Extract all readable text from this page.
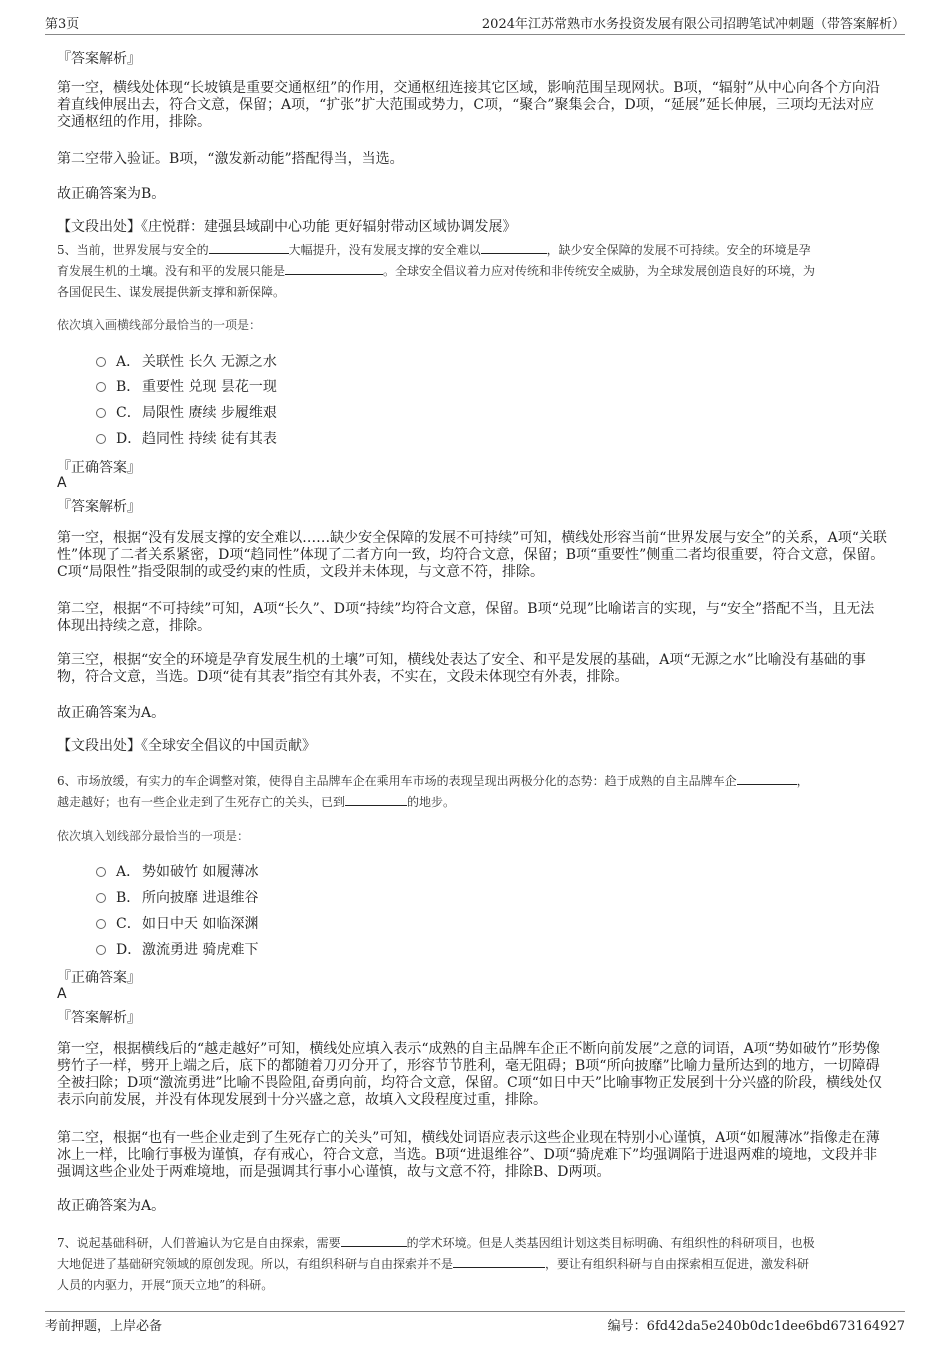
第3页	2024年江苏常熟市水务投资发展有限公司招聘笔试冲刺题（带答案解析）
『答案解析』
第一空，横线处体现“长坡镇是重要交通枢纽”的作用，交通枢纽连接其它区域，影响范围呈现网状。B项，“辐射”从中心向各个方向沿着直线伸展出去，符合文意，保留；A项，“扩张”扩大范围或势力，C项，“聚合”聚集会合，D项，“延展”延长伸展，三项均无法对应交通枢纽的作用，排除。
第二空带入验证。B项，“激发新动能”搭配得当，当选。
故正确答案为B。
【文段出处】《庄悦群：建强县域副中心功能 更好辐射带动区域协调发展》
5、当前，世界发展与安全的	大幅提升，没有发展支撑的安全难以	，缺少安全保障的发展不可持续。安全的环境是孕
育发展生机的土壤。没有和平的发展只能是	。全球安全倡议着力应对传统和非传统安全威胁，为全球发展创造良好的环境，为
各国促民生、谋发展提供新支撑和新保障。
依次填入画横线部分最恰当的一项是：
A． 关联性 长久 无源之水
B． 重要性 兑现 昙花一现
C．局限性 赓续 步履维艰
D．趋同性 持续 徒有其表
『正确答案』
A
『答案解析』
第一空，根据“没有发展支撑的安全难以……缺少安全保障的发展不可持续”可知，横线处形容当前“世界发展与安全”的关系，A项“关联性”体现了二者关系紧密，D项“趋同性”体现了二者方向一致，均符合文意，保留；B项“重要性”侧重二者均很重要，符合文意，保留。C项“局限性”指受限制的或受约束的性质，文段并未体现，与文意不符，排除。
第二空，根据“不可持续”可知，A项“长久”、D项“持续”均符合文意，保留。B项“兑现”比喻诺言的实现，与“安全”搭配不当，且无法体现出持续之意，排除。
第三空，根据“安全的环境是孕育发展生机的土壤”可知，横线处表达了安全、和平是发展的基础，A项“无源之水”比喻没有基础的事物，符合文意，当选。D项“徒有其表”指空有其外表，不实在，文段未体现空有外表，排除。
故正确答案为A。
【文段出处】《全球安全倡议的中国贡献》
6、市场放缓，有实力的车企调整对策，使得自主品牌车企在乘用车市场的表现呈现出两极分化的态势：趋于成熟的自主品牌车企	，
越走越好；也有一些企业走到了生死存亡的关头，已到	的地步。
依次填入划线部分最恰当的一项是：
A． 势如破竹 如履薄冰
B． 所向披靡 进退维谷
C．如日中天 如临深渊
D．激流勇进 骑虎难下
『正确答案』
A
『答案解析』
第一空，根据横线后的“越走越好”可知，横线处应填入表示“成熟的自主品牌车企正不断向前发展”之意的词语，A项“势如破竹”形势像劈竹子一样，劈开上端之后，底下的都随着刀刃分开了，形容节节胜利，毫无阻碍；B项“所向披靡”比喻力量所达到的地方，一切障碍全被扫除；D项“激流勇进”比喻不畏险阻,奋勇向前，均符合文意，保留。C项“如日中天”比喻事物正发展到十分兴盛的阶段，横线处仅表示向前发展，并没有体现发展到十分兴盛之意，故填入文段程度过重，排除。
第二空，根据“也有一些企业走到了生死存亡的关头”可知，横线处词语应表示这些企业现在特别小心谨慎，A项“如履薄冰”指像走在薄冰上一样，比喻行事极为谨慎，存有戒心，符合文意，当选。B项“进退维谷”、D项“骑虎难下”均强调陷于进退两难的境地，文段并非强调这些企业处于两难境地，而是强调其行事小心谨慎，故与文意不符，排除B、D两项。
故正确答案为A。
7、说起基础科研，人们普遍认为它是自由探索，需要	的学术环境。但是人类基因组计划这类目标明确、有组织性的科研项目，也极
大地促进了基础研究领域的原创发现。所以，有组织科研与自由探索并不是	，要让有组织科研与自由探索相互促进，激发科研
人员的内驱力，开展“顶天立地”的科研。
考前押题，上岸必备	编号：6fd42da5e240b0dc1dee6bd673164927
